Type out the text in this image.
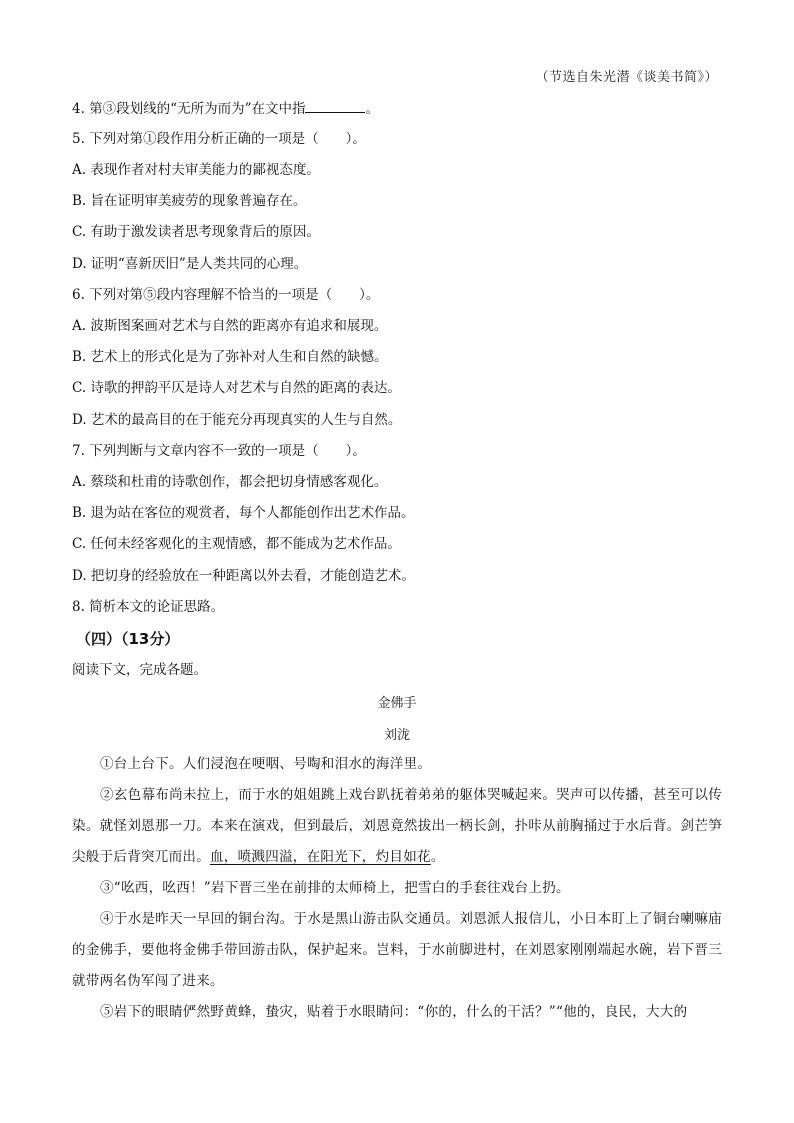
（节选自朱光潜《谈美书简》）
4. 第③段划线的“无所为而为”在文中指	。
5. 下列对第①段作用分析正确的一项是（　　）。
A. 表现作者对村夫审美能力的鄙视态度。
B. 旨在证明审美疲劳的现象普遍存在。
C. 有助于激发读者思考现象背后的原因。
D. 证明“喜新厌旧”是人类共同的心理。
6. 下列对第⑤段内容理解不恰当的一项是（　　）。
A. 波斯图案画对艺术与自然的距离亦有追求和展现。
B. 艺术上的形式化是为了弥补对人生和自然的缺憾。
C. 诗歌的押韵平仄是诗人对艺术与自然的距离的表达。
D. 艺术的最高目的在于能充分再现真实的人生与自然。
7. 下列判断与文章内容不一致的一项是（　　）。
A. 蔡琰和杜甫的诗歌创作，都会把切身情感客观化。
B. 退为站在客位的观赏者，每个人都能创作出艺术作品。
C. 任何未经客观化的主观情感，都不能成为艺术作品。
D. 把切身的经验放在一种距离以外去看，才能创造艺术。
8. 简析本文的论证思路。
（四）（13分）
阅读下文，完成各题。
金佛手
刘泷
①台上台下。人们浸泡在哽咽、号啕和泪水的海洋里。
②玄色幕布尚未拉上，而于水的姐姐跳上戏台趴抚着弟弟的躯体哭喊起来。哭声可以传播，甚至可以传染。就怪刘恩那一刀。本来在演戏，但到最后，刘恩竟然拔出一柄长剑，扑咔从前胸捅过于水后背。剑芒笋尖般于后背突兀而出。血，喷溅四溢，在阳光下，灼目如花。
③“吆西，吆西！”岩下晋三坐在前排的太师椅上，把雪白的手套往戏台上扔。
④于水是昨天一早回的铜台沟。于水是黑山游击队交通员。刘恩派人报信儿，小日本盯上了铜台喇嘛庙的金佛手，要他将金佛手带回游击队，保护起来。岂料，于水前脚进村，在刘恩家刚刚端起水碗，岩下晋三就带两名伪军闯了进来。
⑤岩下的眼睛俨然野黄蜂，蛰灾，贴着于水眼睛问：“你的，什么的干活？”“他的，良民，大大的
